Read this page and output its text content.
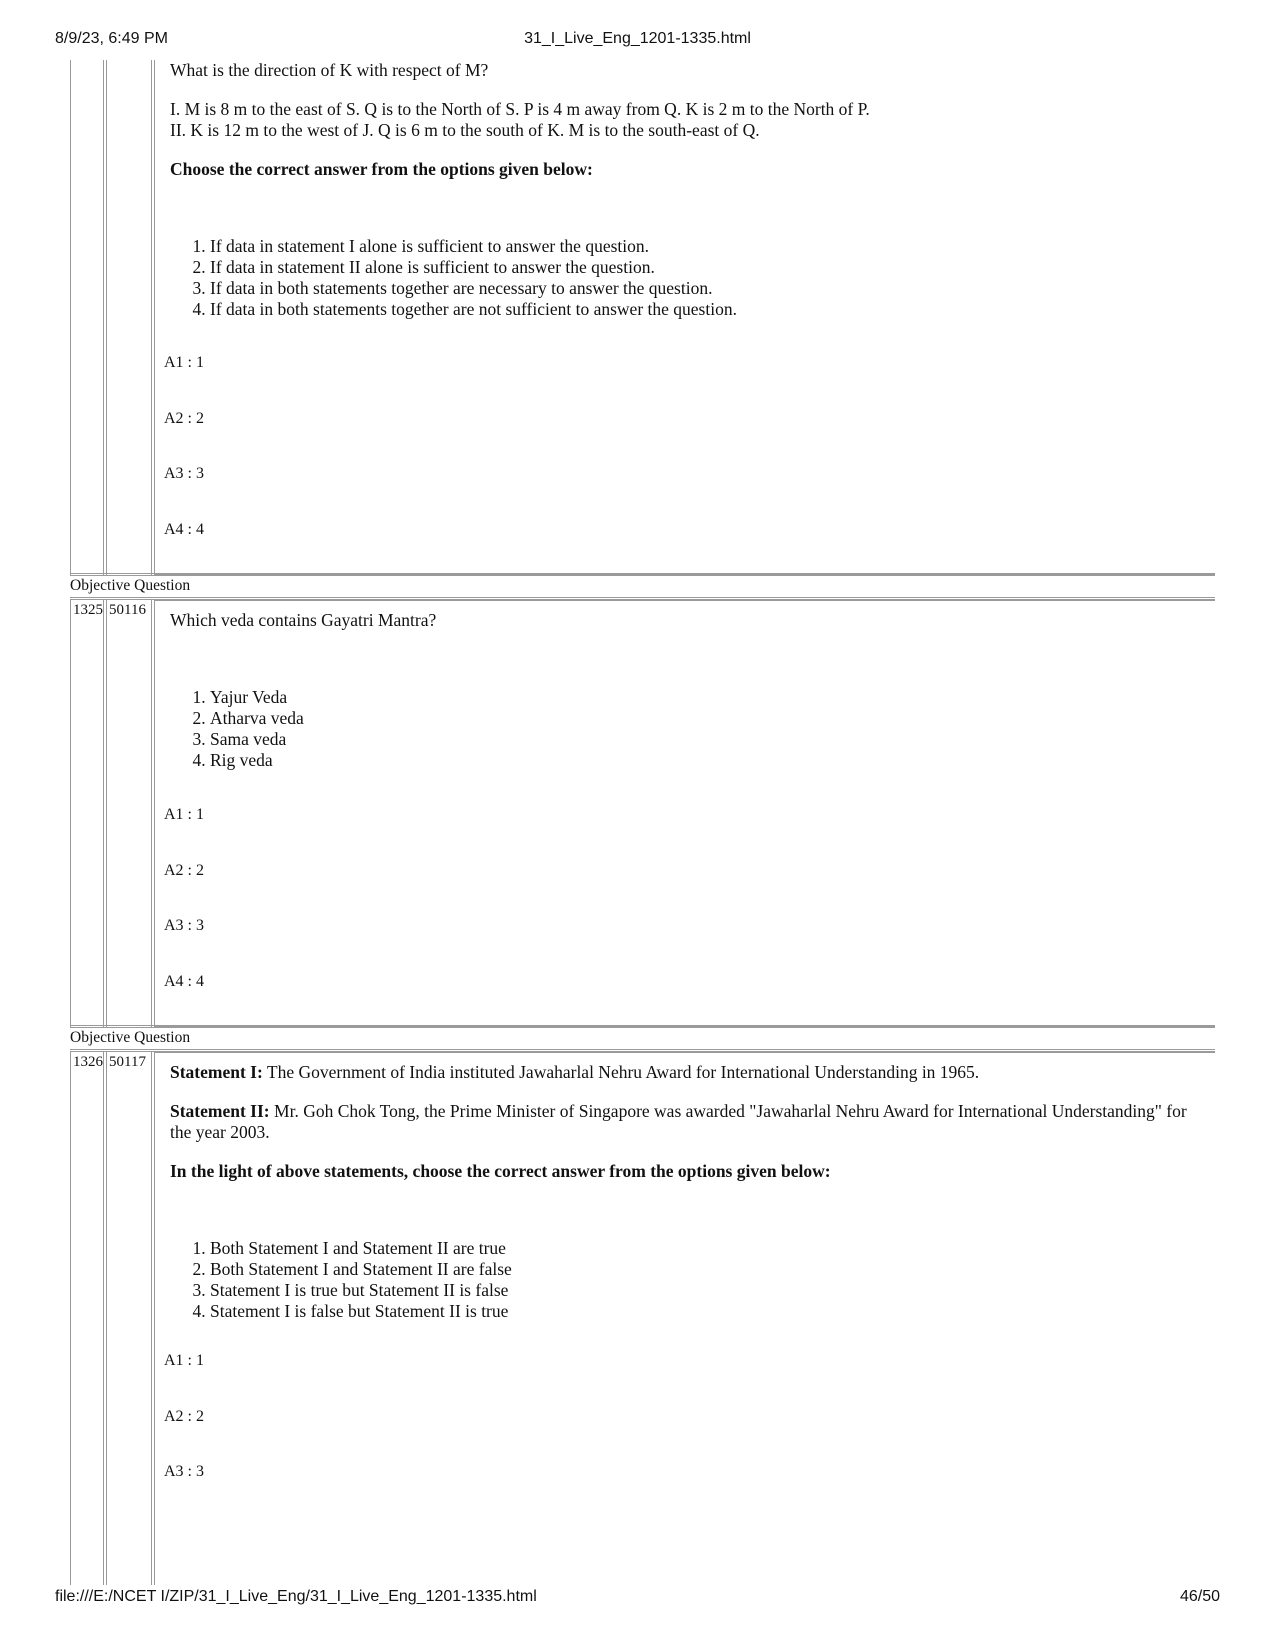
8/9/23, 6:49 PM	31_I_Live_Eng_1201-1335.html

What is the direction of K with respect of M?

I. M is 8 m to the east of S. Q is to the North of S. P is 4 m away from Q. K is 2 m to the North of P.

II. K is 12 m to the west of J. Q is 6 m to the south of K. M is to the south-east of Q.

Choose the correct answer from the options given below:

1. If data in statement I alone is sufficient to answer the question.
2. If data in statement II alone is sufficient to answer the question.
3. If data in both statements together are necessary to answer the question.
4. If data in both statements together are not sufficient to answer the question.
A1 : 1
A2 : 2
A3 : 3
A4 : 4
Objective Question
1325 50116 Which veda contains Gayatri Mantra?

1. Yajur Veda
2. Atharva veda
3. Sama veda
4. Rig veda
A1 : 1
A2 : 2
A3 : 3
A4 : 4
Objective Question
1326 50117 Statement I: The Government of India instituted Jawaharlal Nehru Award for International Understanding in 1965.

Statement II: Mr. Goh Chok Tong, the Prime Minister of Singapore was awarded "Jawaharlal Nehru Award for International Understanding" for the year 2003.

In the light of above statements, choose the correct answer from the options given below:

1. Both Statement I and Statement II are true
2. Both Statement I and Statement II are false
3. Statement I is true but Statement II is false
4. Statement I is false but Statement II is true
A1 : 1
A2 : 2
A3 : 3
file:///E:/NCET I/ZIP/31_I_Live_Eng/31_I_Live_Eng_1201-1335.html	46/50
